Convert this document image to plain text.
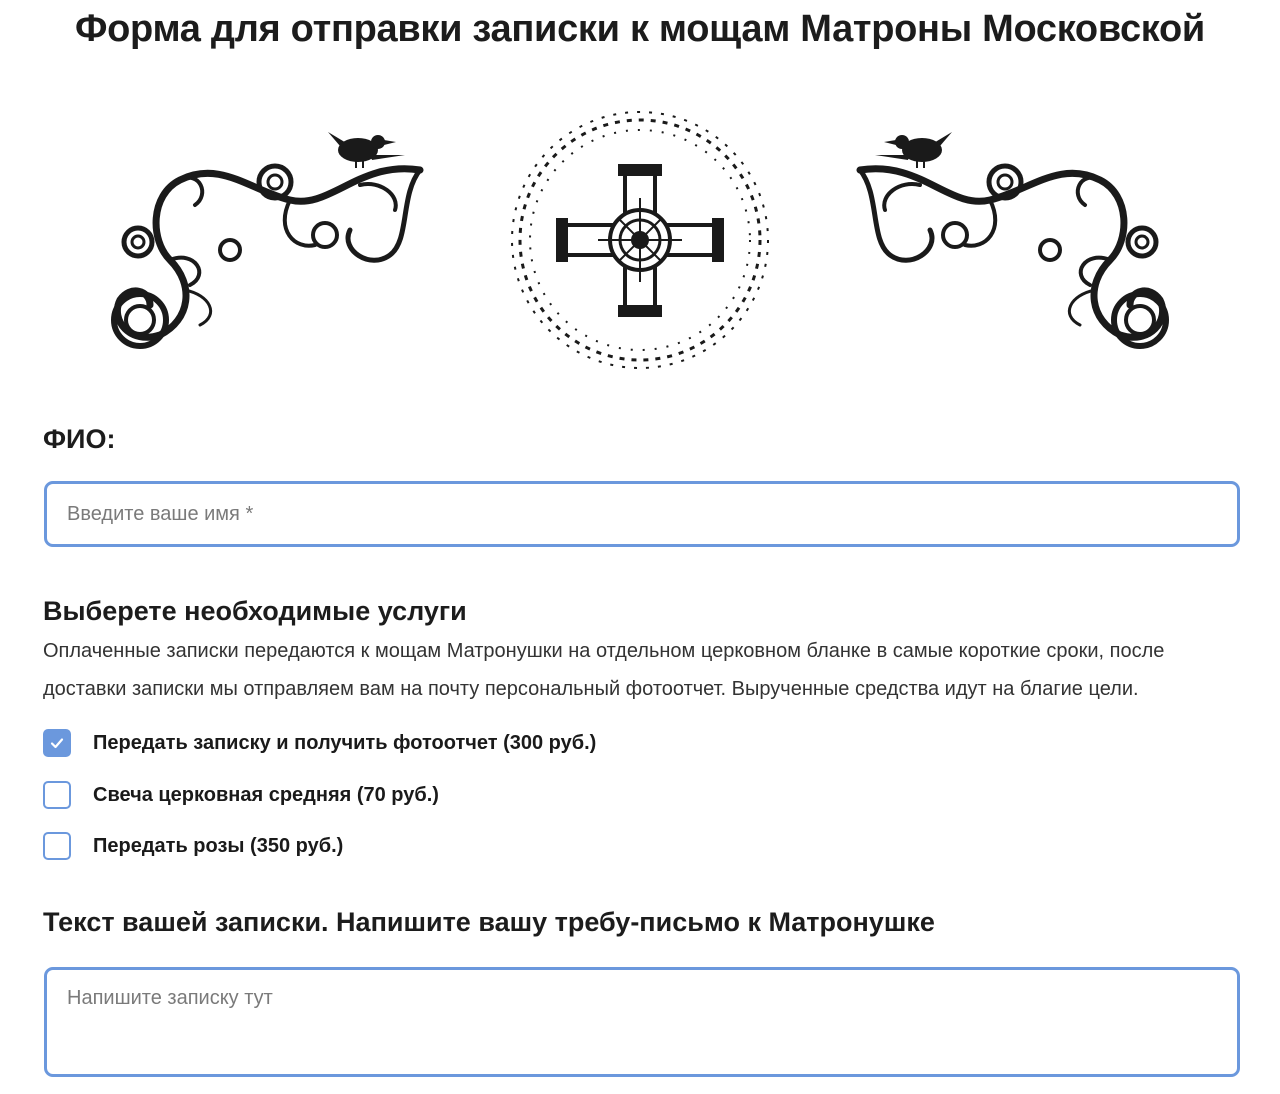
Форма для отправки записки к мощам Матроны Московской
ФИО:
Введите ваше имя *
Выберете необходимые услуги

Оплаченные записки передаются к мощам Матронушки на отдельном церковном бланке в самые короткие сроки, после доставки записки мы отправляем вам на почту персональный фотоотчет. Вырученные средства идут на благие цели.

Передать записку и получить фотоотчет (300 руб.)
Свеча церковная средняя (70 руб.)
Передать розы (350 руб.)
Текст вашей записки. Напишите вашу требу-письмо к Матронушке
Напишите записку тут
